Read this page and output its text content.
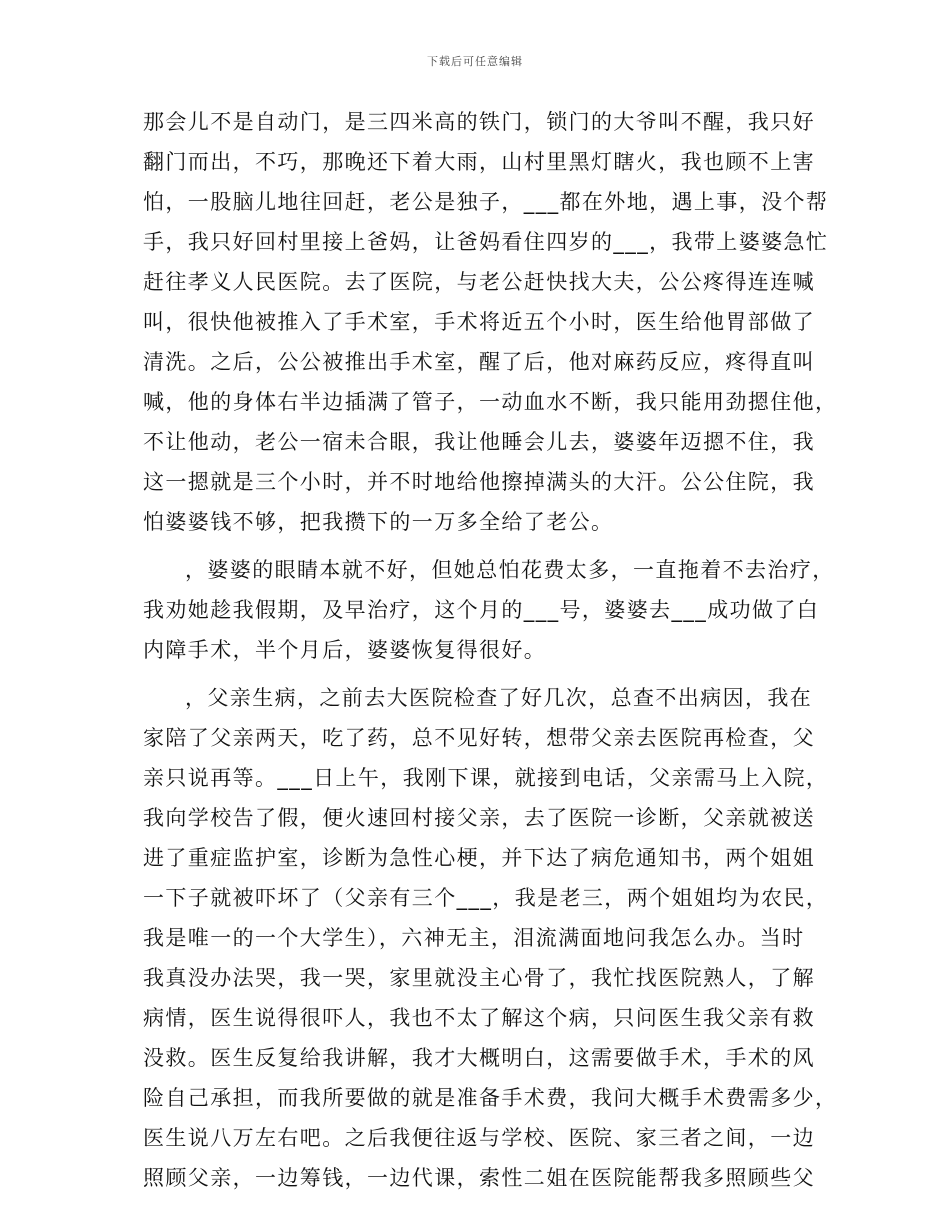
下载后可任意编辑
那会儿不是自动门，是三四米高的铁门，锁门的大爷叫不醒，我只好
翻门而出，不巧，那晚还下着大雨，山村里黑灯瞎火，我也顾不上害
怕，一股脑儿地往回赶，老公是独子，___都在外地，遇上事，没个帮
手，我只好回村里接上爸妈，让爸妈看住四岁的___，我带上婆婆急忙
赶往孝义人民医院。去了医院，与老公赶快找大夫，公公疼得连连喊
叫，很快他被推入了手术室，手术将近五个小时，医生给他胃部做了
清洗。之后，公公被推出手术室，醒了后，他对麻药反应，疼得直叫
喊，他的身体右半边插满了管子，一动血水不断，我只能用劲摁住他，
不让他动，老公一宿未合眼，我让他睡会儿去，婆婆年迈摁不住，我
这一摁就是三个小时，并不时地给他擦掉满头的大汗。公公住院，我
怕婆婆钱不够，把我攒下的一万多全给了老公。
，婆婆的眼睛本就不好，但她总怕花费太多，一直拖着不去治疗，
我劝她趁我假期，及早治疗，这个月的___号，婆婆去___成功做了白
内障手术，半个月后，婆婆恢复得很好。
，父亲生病，之前去大医院检查了好几次，总查不出病因，我在
家陪了父亲两天，吃了药，总不见好转，想带父亲去医院再检查，父
亲只说再等。___日上午，我刚下课，就接到电话，父亲需马上入院，
我向学校告了假，便火速回村接父亲，去了医院一诊断，父亲就被送
进了重症监护室，诊断为急性心梗，并下达了病危通知书，两个姐姐
一下子就被吓坏了（父亲有三个___，我是老三，两个姐姐均为农民，
我是唯一的一个大学生），六神无主，泪流满面地问我怎么办。当时
我真没办法哭，我一哭，家里就没主心骨了，我忙找医院熟人，了解
病情，医生说得很吓人，我也不太了解这个病，只问医生我父亲有救
没救。医生反复给我讲解，我才大概明白，这需要做手术，手术的风
险自己承担，而我所要做的就是准备手术费，我问大概手术费需多少，
医生说八万左右吧。之后我便往返与学校、医院、家三者之间，一边
照顾父亲，一边筹钱，一边代课，索性二姐在医院能帮我多照顾些父
